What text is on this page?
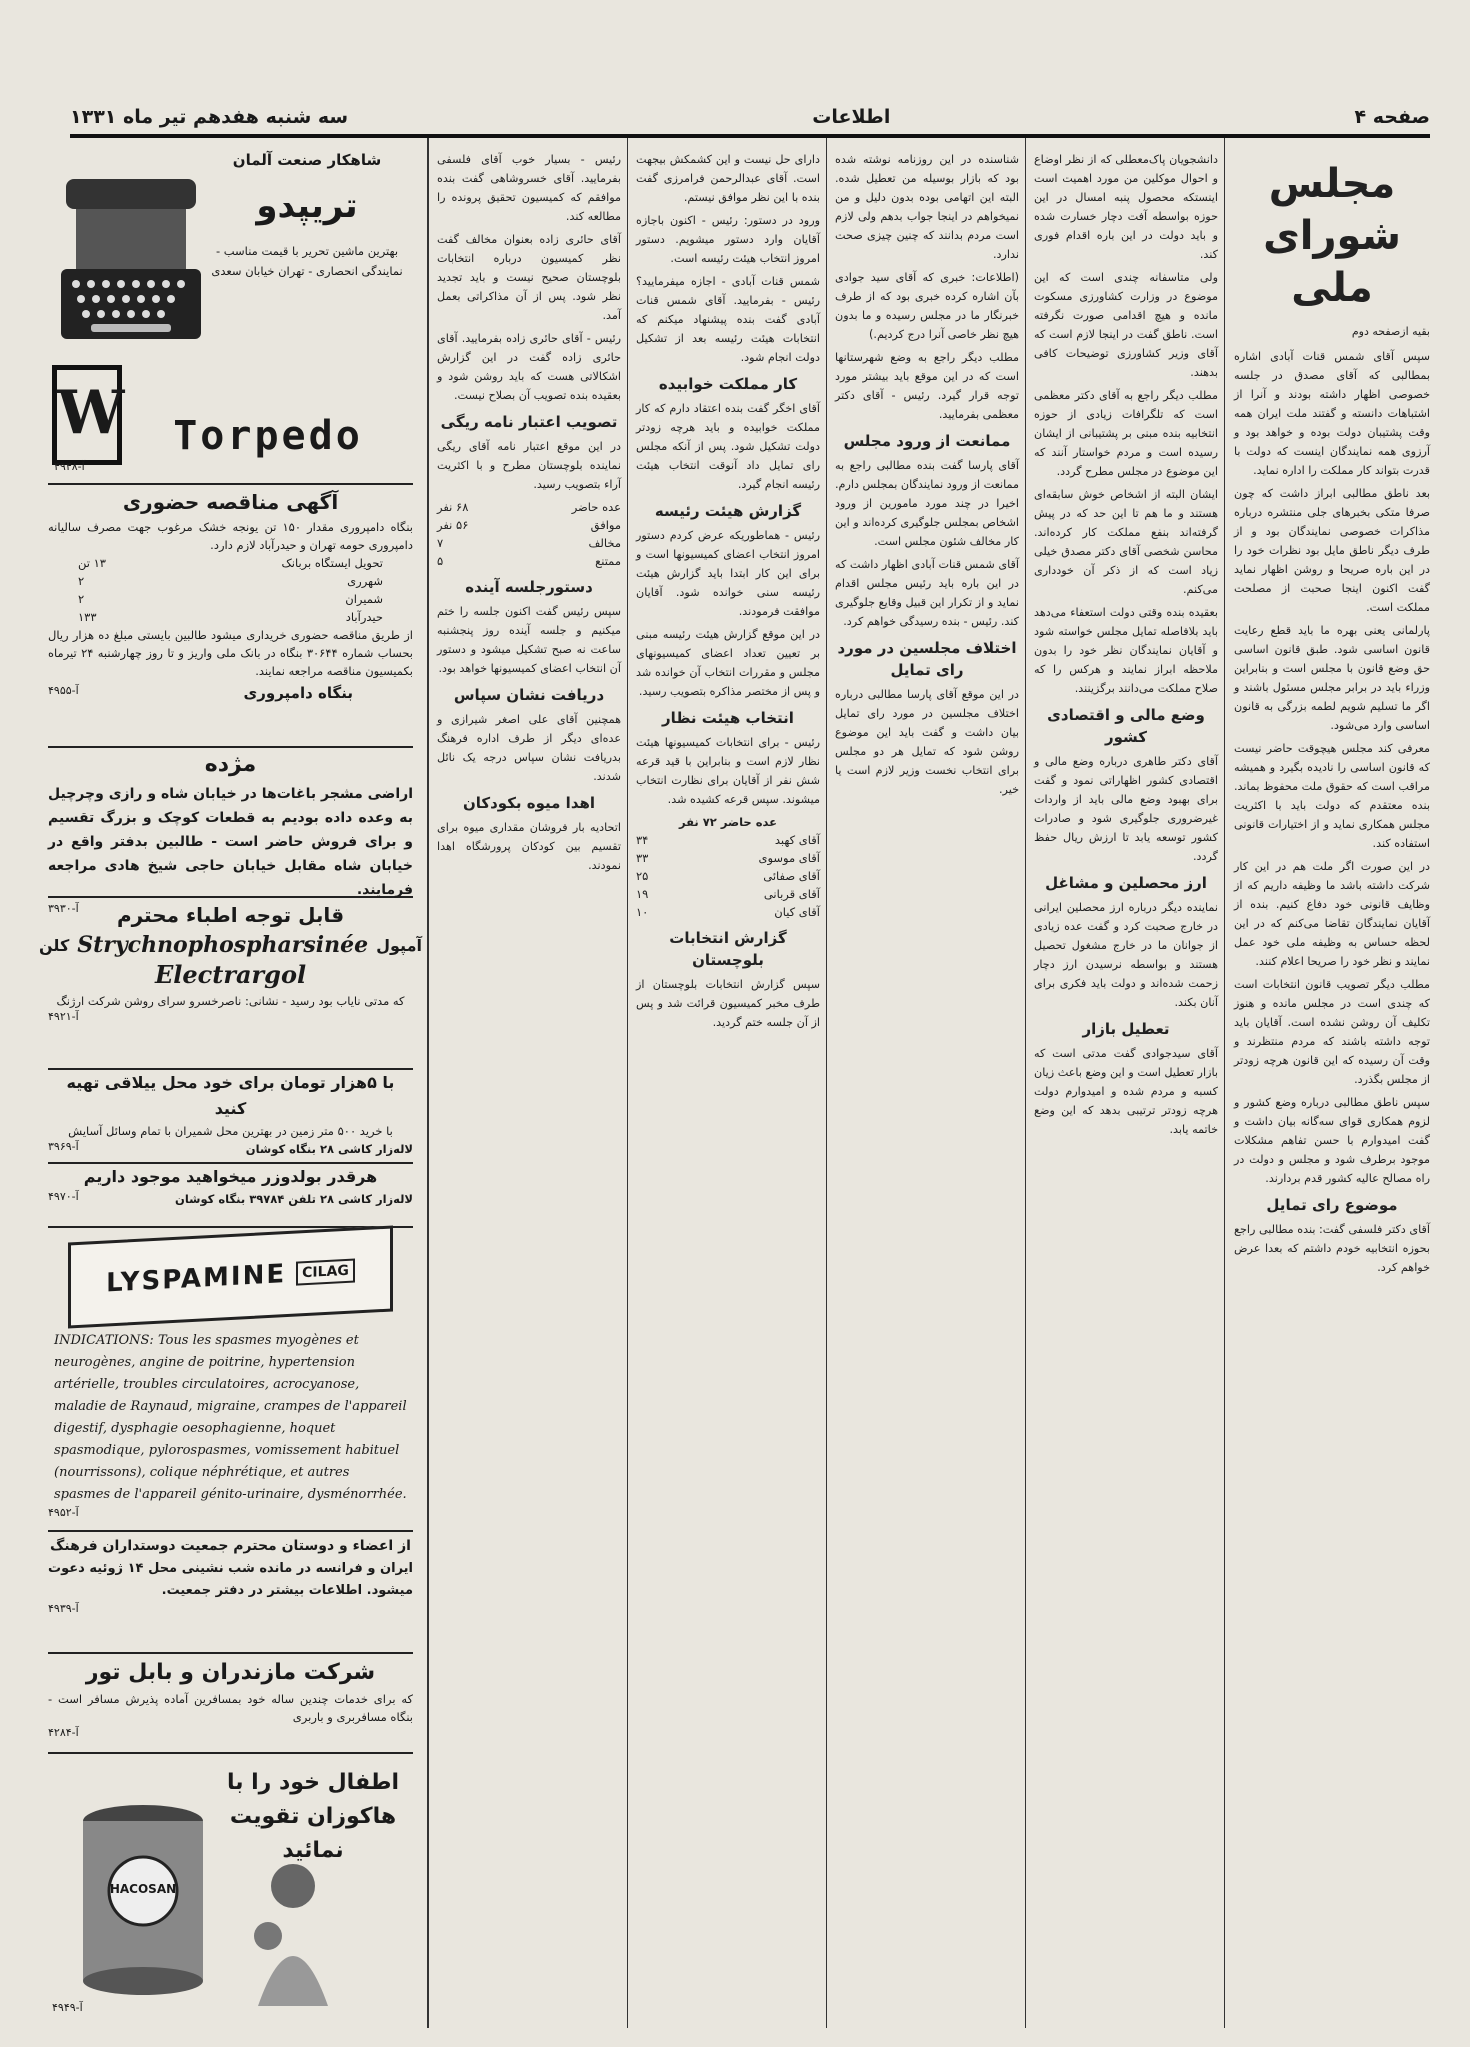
صفحه ۴
اطلاعات
سه شنبه هفدهم تیر ماه ۱۳۳۱
مجلس شورای ملی
بقیه ازصفحه دوم

سپس آقای شمس قنات آبادی اشاره بمطالبی که آقای مصدق در جلسه خصوصی اظهار داشته بودند و آنرا از اشتباهات دانسته و گفتند ملت ایران همه وقت پشتیبان دولت بوده و خواهد بود و آرزوی همه نمایندگان اینست که دولت با قدرت بتواند کار مملکت را اداره نماید.

بعد ناطق مطالبی ابراز داشت که چون صرفا متکی بخبرهای جلی منتشره درباره مذاکرات خصوصی نمایندگان بود و از طرف دیگر ناطق مایل بود نظرات خود را در این باره صریحا و روشن اظهار نماید گفت اکنون اینجا صحبت از مصلحت مملکت است.

پارلمانی یعنی بهره ما باید قطع رعایت قانون اساسی شود. طبق قانون اساسی حق وضع قانون با مجلس است و بنابراین وزراء باید در برابر مجلس مسئول باشند و اگر ما تسلیم شویم لطمه بزرگی به قانون اساسی وارد می‌شود.

معرفی کند مجلس هیچوقت حاضر نیست که قانون اساسی را نادیده بگیرد و همیشه مراقب است که حقوق ملت محفوظ بماند. بنده معتقدم که دولت باید با اکثریت مجلس همکاری نماید و از اختیارات قانونی استفاده کند.

در این صورت اگر ملت هم در این کار شرکت داشته باشد ما وظیفه داریم که از وظایف قانونی خود دفاع کنیم. بنده از آقایان نمایندگان تقاضا می‌کنم که در این لحظه حساس به وظیفه ملی خود عمل نمایند و نظر خود را صریحا اعلام کنند.

مطلب دیگر تصویب قانون انتخابات است که چندی است در مجلس مانده و هنوز تکلیف آن روشن نشده است. آقایان باید توجه داشته باشند که مردم منتظرند و وقت آن رسیده که این قانون هرچه زودتر از مجلس بگذرد.

سپس ناطق مطالبی درباره وضع کشور و لزوم همکاری قوای سه‌گانه بیان داشت و گفت امیدوارم با حسن تفاهم مشکلات موجود برطرف شود و مجلس و دولت در راه مصالح عالیه کشور قدم بردارند.

موضوع رای تمایل

آقای دکتر فلسفی گفت: بنده مطالبی راجع بحوزه انتخابیه خودم داشتم که بعدا عرض خواهم کرد.

دانشجویان پاک‌معطلی که از نظر اوضاع و احوال موکلین من مورد اهمیت است اینستکه محصول پنبه امسال در این حوزه بواسطه آفت دچار خسارت شده و باید دولت در این باره اقدام فوری کند.

ولی متاسفانه چندی است که این موضوع در وزارت کشاورزی مسکوت مانده و هیچ اقدامی صورت نگرفته است. ناطق گفت در اینجا لازم است که آقای وزیر کشاورزی توضیحات کافی بدهند.

مطلب دیگر راجع به آقای دکتر معظمی است که تلگرافات زیادی از حوزه انتخابیه بنده مبنی بر پشتیبانی از ایشان رسیده است و مردم خواستار آنند که این موضوع در مجلس مطرح گردد.

ایشان البته از اشخاص خوش سابقه‌ای هستند و ما هم تا این حد که در پیش گرفته‌اند بنفع مملکت کار کرده‌اند. محاسن شخصی آقای دکتر مصدق خیلی زیاد است که از ذکر آن خودداری می‌کنم.

بعقیده بنده وقتی دولت استعفاء می‌دهد باید بلافاصله تمایل مجلس خواسته شود و آقایان نمایندگان نظر خود را بدون ملاحظه ابراز نمایند و هرکس را که صلاح مملکت می‌دانند برگزینند.

وضع مالی و اقتصادی کشور

آقای دکتر طاهری درباره وضع مالی و اقتصادی کشور اظهاراتی نمود و گفت برای بهبود وضع مالی باید از واردات غیرضروری جلوگیری شود و صادرات کشور توسعه یابد تا ارزش ریال حفظ گردد.

ارز محصلین و مشاغل

نماینده دیگر درباره ارز محصلین ایرانی در خارج صحبت کرد و گفت عده زیادی از جوانان ما در خارج مشغول تحصیل هستند و بواسطه نرسیدن ارز دچار زحمت شده‌اند و دولت باید فکری برای آنان بکند.

تعطیل بازار

آقای سیدجوادی گفت مدتی است که بازار تعطیل است و این وضع باعث زیان کسبه و مردم شده و امیدوارم دولت هرچه زودتر ترتیبی بدهد که این وضع خاتمه یابد.

شناسنده در این روزنامه نوشته شده بود که بازار بوسیله من تعطیل شده. البته این اتهامی بوده بدون دلیل و من نمیخواهم در اینجا جواب بدهم ولی لازم است مردم بدانند که چنین چیزی صحت ندارد.

(اطلاعات: خبری که آقای سید جوادی بآن اشاره کرده خبری بود که از طرف خبرنگار ما در مجلس رسیده و ما بدون هیچ نظر خاصی آنرا درج کردیم.)

مطلب دیگر راجع به وضع شهرستانها است که در این موقع باید بیشتر مورد توجه قرار گیرد. رئیس - آقای دکتر معظمی بفرمایید.

ممانعت از ورود مجلس

آقای پارسا گفت بنده مطالبی راجع به ممانعت از ورود نمایندگان بمجلس دارم. اخیرا در چند مورد مامورین از ورود اشخاص بمجلس جلوگیری کرده‌اند و این کار مخالف شئون مجلس است.

آقای شمس قنات آبادی اظهار داشت که در این باره باید رئیس مجلس اقدام نماید و از تکرار این قبیل وقایع جلوگیری کند. رئیس - بنده رسیدگی خواهم کرد.

اختلاف مجلسین در مورد رای تمایل

در این موقع آقای پارسا مطالبی درباره اختلاف مجلسین در مورد رای تمایل بیان داشت و گفت باید این موضوع روشن شود که تمایل هر دو مجلس برای انتخاب نخست وزیر لازم است یا خیر.

دارای حل نیست و این کشمکش بیجهت است. آقای عبدالرحمن فرامرزی گفت بنده با این نظر موافق نیستم.

ورود در دستور: رئیس - اکنون باجازه آقایان وارد دستور میشویم. دستور امروز انتخاب هیئت رئیسه است.

شمس قنات آبادی - اجازه میفرمایید؟ رئیس - بفرمایید. آقای شمس قنات آبادی گفت بنده پیشنهاد میکنم که انتخابات هیئت رئیسه بعد از تشکیل دولت انجام شود.

کار مملکت خوابیده

آقای اخگر گفت بنده اعتقاد دارم که کار مملکت خوابیده و باید هرچه زودتر دولت تشکیل شود. پس از آنکه مجلس رای تمایل داد آنوقت انتخاب هیئت رئیسه انجام گیرد.

گزارش هیئت رئیسه

رئیس - هماطوریکه عرض کردم دستور امروز انتخاب اعضای کمیسیونها است و برای این کار ابتدا باید گزارش هیئت رئیسه سنی خوانده شود. آقایان موافقت فرمودند.

در این موقع گزارش هیئت رئیسه مبنی بر تعیین تعداد اعضای کمیسیونهای مجلس و مقررات انتخاب آن خوانده شد و پس از مختصر مذاکره بتصویب رسید.

انتخاب هیئت نظار

رئیس - برای انتخابات کمیسیونها هیئت نظار لازم است و بنابراین با قید قرعه شش نفر از آقایان برای نظارت انتخاب میشوند. سپس قرعه کشیده شد.

عده حاضر ۷۲ نفر
آقای کهبد
۳۴
آقای موسوی
۳۳
آقای صفائی
۲۵
آقای قربانی
۱۹
آقای کیان
۱۰
گزارش انتخابات بلوچستان

سپس گزارش انتخابات بلوچستان از طرف مخبر کمیسیون قرائت شد و پس از آن جلسه ختم گردید.

رئیس - بسیار خوب آقای فلسفی بفرمایید. آقای خسروشاهی گفت بنده موافقم که کمیسیون تحقیق پرونده را مطالعه کند.

آقای حائری زاده بعنوان مخالف گفت نظر کمیسیون درباره انتخابات بلوچستان صحیح نیست و باید تجدید نظر شود. پس از آن مذاکراتی بعمل آمد.

رئیس - آقای حائری زاده بفرمایید. آقای حائری زاده گفت در این گزارش اشکالاتی هست که باید روشن شود و بعقیده بنده تصویب آن بصلاح نیست.

تصویب اعتبار نامه ریگی

در این موقع اعتبار نامه آقای ریگی نماینده بلوچستان مطرح و با اکثریت آراء بتصویب رسید.

عده حاضر
۶۸ نفر
موافق
۵۶ نفر
مخالف
۷
ممتنع
۵
دستورجلسه آینده

سپس رئیس گفت اکنون جلسه را ختم میکنیم و جلسه آینده روز پنجشنبه ساعت نه صبح تشکیل میشود و دستور آن انتخاب اعضای کمیسیونها خواهد بود.

دریافت نشان سپاس

همچنین آقای علی اصغر شیرازی و عده‌ای دیگر از طرف اداره فرهنگ بدریافت نشان سپاس درجه یک نائل شدند.

اهدا میوه بکودکان

اتحادیه بار فروشان مقداری میوه برای تقسیم بین کودکان پرورشگاه اهدا نمودند.

W
شاهکار صنعت آلمان
تریپدو
بهترین ماشین تحریر با قیمت مناسب - نمایندگی انحصاری - تهران خیابان سعدی
Torpedo
آ-۴۹۴۸
آگهی مناقصه حضوری
بنگاه دامپروری مقدار ۱۵۰ تن یونجه خشک مرغوب جهت مصرف سالیانه دامپروری حومه تهران و حیدرآباد لازم دارد.
تحویل ایستگاه بربانک
۱۳ تن
شهرری
۲
شمیران
۲
حیدرآباد
۱۳۳
از طریق مناقصه حضوری خریداری میشود طالبین بایستی مبلغ ده هزار ریال بحساب شماره ۳۰۶۴۴ بنگاه در بانک ملی واریز و تا روز چهارشنبه ۲۴ تیرماه بکمیسیون مناقصه مراجعه نمایند.
بنگاه دامپروری
آ-۴۹۵۵
مژده
اراضی مشجر باغات‌ها در خیابان شاه و رازی وچرچیل به وعده داده بودیم به قطعات کوچک و بزرگ تقسیم و برای فروش حاضر است - طالبین بدفتر واقع در خیابان شاه مقابل خیابان حاجی شیخ هادی مراجعه فرمایند.
آ-۳۹۳۰	قابل توجه اطباء محترم
آمپول
Strychnophospharsinée
کلن
Electrargol
که مدتی نایاب بود رسید - نشانی: ناصرخسرو سرای روشن شرکت ارژنگ
آ-۴۹۲۱
با ۵هزار تومان برای خود محل ییلاقی تهیه کنید
با خرید ۵۰۰ متر زمین در بهترین محل شمیران با تمام وسائل آسایش
لاله‌زار کاشی ۲۸ بنگاه کوشان
آ-۳۹۶۹
هرقدر بولدوزر میخواهید موجود داریم
لاله‌زار کاشی ۲۸ تلفن ۳۹۷۸۴ بنگاه کوشان
آ-۴۹۷۰
LYSPAMINE	CILAG
INDICATIONS: Tous les spasmes myogènes et neurogènes, angine de poitrine, hypertension artérielle, troubles circulatoires, acrocyanose, maladie de Raynaud, migraine, crampes de l'appareil digestif, dysphagie oesophagienne, hoquet spasmodique, pylorospasmes, vomissement habituel (nourrissons), colique néphrétique, et autres spasmes de l'appareil génito-urinaire, dysménorrhée.
آ-۴۹۵۲
از اعضاء و دوستان محترم جمعیت دوستداران فرهنگ
ایران و فرانسه در مانده شب نشینی محل ۱۴ ژوئیه دعوت میشود. اطلاعات بیشتر در دفتر جمعیت.
آ-۴۹۳۹
شرکت مازندران و بابل تور
که برای خدمات چندین ساله خود بمسافرین آماده پذیرش مسافر است - بنگاه مسافربری و باربری
آ-۴۲۸۴
اطفال خود را با هاکوزان تقویت نمائید
HACOSAN
آ-۴۹۴۹
